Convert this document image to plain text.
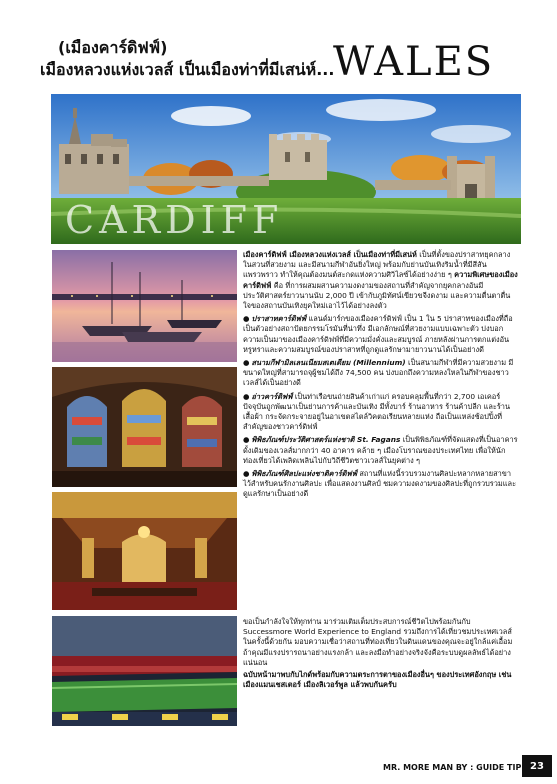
(เมืองคาร์ดิฟฟ์)
เมืองหลวงแห่งเวลส์ เป็นเมืองท่าที่มีเสน่ห์...
WALES
CARDIFF

เมืองคาร์ดิฟฟ์ เมืองหลวงแห่งเวลส์ เป็นเมืองท่าที่มีเสน่ห์ เป็นที่ตั้งของปราสาทยุคกลางในสวนที่สวยงาม และมีสนามกีฬาอันยิ่งใหญ่ พร้อมกับย่านบันเทิงริมน้ำที่มีสีสันแพรวพราว ทำให้คุณต้องมนต์สะกดแห่งความศิวิไลซ์ได้อย่างง่าย ๆ ความพิเศษของเมืองคาร์ดิฟฟ์ คือ ที่การผสมผสานความงดงามของสถานที่สำคัญจากยุคกลางอันมีประวัติศาสตร์ยาวนานนับ 2,000 ปี เข้ากับภูมิทัศน์เขียวขจีงดงาม และความตื่นตาตื่นใจของสถานบันเทิงยุคใหม่เอาไว้ได้อย่างลงตัว

● ปราสาทคาร์ดิฟฟ์ แลนด์มาร์กของเมืองคาร์ดิฟฟ์ เป็น 1 ใน 5 ปราสาทของเมืองที่ถือเป็นตัวอย่างสถาปัตยกรรมโรมันที่น่าทึ่ง มีเอกลักษณ์ที่สวยงามแบบเฉพาะตัว บ่งบอกความเป็นมาของเมืองคาร์ดิฟฟ์ที่มีความมั่งคั่งและสมบูรณ์ ภายหลังผ่านการตกแต่งอันหรูหราและความสมบูรณ์ของปราสาทที่ถูกดูแลรักษามายาวนานได้เป็นอย่างดี

● สนามกีฬามิลเลนเนียมสเตเดียม (Millennium) เป็นสนามกีฬาที่มีความสวยงาม มีขนาดใหญ่ที่สามารถจุผู้ชมได้ถึง 74,500 คน บ่งบอกถึงความหลงใหลในกีฬาของชาวเวลส์ได้เป็นอย่างดี

● อ่าวคาร์ดิฟฟ์ เป็นท่าเรือขนถ่ายสินค้าเก่าแก่ ครอบคลุมพื้นที่กว่า 2,700 เอเคอร์ ปัจจุบันถูกพัฒนาเป็นย่านการค้าและบันเทิง มีทั้งบาร์ ร้านอาหาร ร้านค้าปลีก และร้านเสื้อผ้า กระจัดกระจายอยู่ในอาเขตสไตล์วิคตอเรียนหลายแห่ง ถือเป็นแหล่งช้อปปิ้งที่สำคัญของชาวคาร์ดิฟฟ์

● พิพิธภัณฑ์ประวัติศาสตร์แห่งชาติ St. Fagans เป็นพิพิธภัณฑ์ที่จัดแสดงที่เป็นอาคารดั้งเดิมของเวลส์มากกว่า 40 อาคาร คล้าย ๆ เมืองโบราณของประเทศไทย เพื่อให้นักท่องเที่ยวได้เพลิดเพลินไปกับวิถีชีวิตชาวเวลส์ในยุคต่าง ๆ

● พิพิธภัณฑ์ศิลปะแห่งชาติคาร์ดิฟฟ์ สถานที่แห่งนี้รวบรวมงานศิลปะหลากหลายสาขาไว้สำหรับคนรักงานศิลปะ เพื่อแสดงงานศิลป์ ชมความงดงามของศิลปะที่ถูกรวบรวมและดูแลรักษาเป็นอย่างดี

ขอเป็นกำลังใจให้ทุกท่าน มาร่วมเติมเต็มประสบการณ์ชีวิตไปพร้อมกันกับ Successmore World Experience to England รวมถึงการได้เที่ยวชมประเทศเวลส์ในครั้งนี้ด้วยกัน มอบความเชื่อว่าสถานที่ท่องเที่ยวในดินแดนของคุณจะอยู่ใกล้แค่เอื้อม ถ้าคุณมีแรงปรารถนาอย่างแรงกล้า และลงมือทำอย่างจริงจังคือระบบดูผลลัพธ์ได้อย่างแน่นอน

ฉบับหน้ามาพบกับไกด์พร้อมกับความตระการตาของเมืองอื่นๆ ของประเทศอังกฤษ เช่นเมืองแมนเชสเตอร์ เมืองลิเวอร์พูล แล้วพบกันครับ

MR. MORE MAN BY : GUIDE TIP 23
